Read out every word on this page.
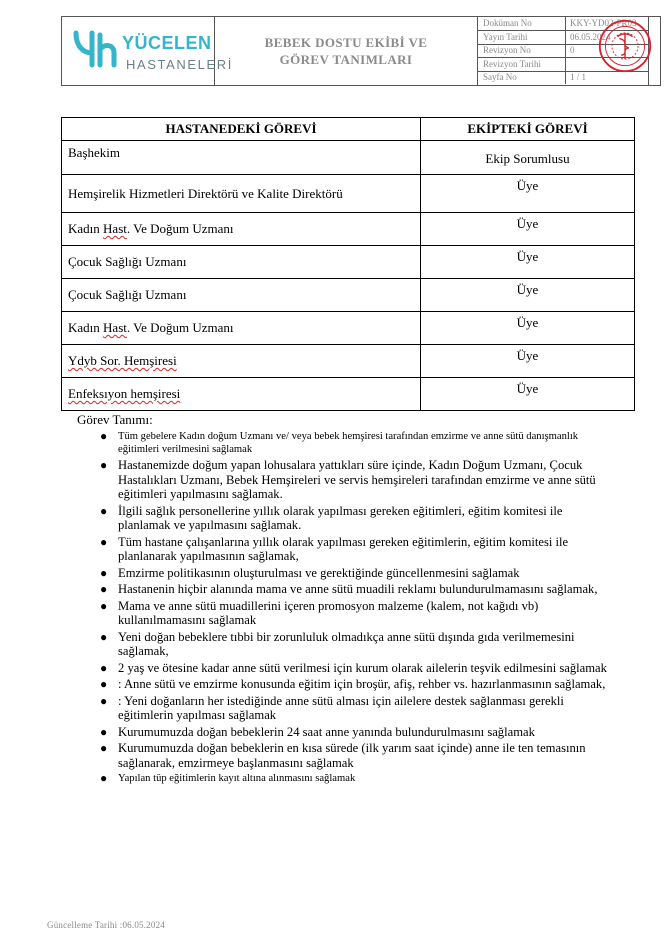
YÜCELEN
HASTANELERİ
BEBEK DOSTU EKİBİ VE
GÖREV TANIMLARI
Doküman No	KKY-YD02-PR03
Yayın Tarihi	06.05.2024
Revizyon No	0
Revizyon Tarihi
Sayfa No	1 / 1
HASTANEDEKİ GÖREVİ	EKİPTEKİ GÖREVİ
Başhekim	Ekip Sorumlusu
Hemşirelik Hizmetleri Direktörü ve Kalite Direktörü	Üye
Kadın Hast. Ve Doğum Uzmanı	Üye
Çocuk Sağlığı Uzmanı	Üye
Çocuk Sağlığı Uzmanı	Üye
Kadın Hast. Ve Doğum Uzmanı	Üye
Ydyb Sor. Hemşiresi	Üye
Enfeksıyon hemşiresi	Üye
Görev Tanımı:
● Tüm gebelere Kadın doğum Uzmanı ve/ veya bebek hemşiresi tarafından emzirme ve anne sütü danışmanlık eğitimleri verilmesini sağlamak
● Hastanemizde doğum yapan lohusalara yattıkları süre içinde, Kadın Doğum Uzmanı, Çocuk Hastalıkları Uzmanı, Bebek Hemşireleri ve servis hemşireleri tarafından emzirme ve anne sütü eğitimleri yapılmasını sağlamak.
● İlgili sağlık personellerine yıllık olarak yapılması gereken eğitimleri, eğitim komitesi ile planlamak ve yapılmasını sağlamak.
● Tüm hastane çalışanlarına yıllık olarak yapılması gereken eğitimlerin, eğitim komitesi ile planlanarak yapılmasının sağlamak,
● Emzirme politikasının oluşturulması ve gerektiğinde güncellenmesini sağlamak
● Hastanenin hiçbir alanında mama ve anne sütü muadili reklamı bulundurulmamasını sağlamak,
● Mama ve anne sütü muadillerini içeren promosyon malzeme (kalem, not kağıdı vb) kullanılmamasını sağlamak
● Yeni doğan bebeklere tıbbi bir zorunluluk olmadıkça anne sütü dışında gıda verilmemesini sağlamak,
● 2 yaş ve ötesine kadar anne sütü verilmesi için kurum olarak ailelerin teşvik edilmesini sağlamak
● : Anne sütü ve emzirme konusunda eğitim için broşür, afiş, rehber vs. hazırlanmasının sağlamak,
● : Yeni doğanların her istediğinde anne sütü alması için ailelere destek sağlanması gerekli eğitimlerin yapılması sağlamak
● Kurumumuzda doğan bebeklerin 24 saat anne yanında bulundurulmasını sağlamak
● Kurumumuzda doğan bebeklerin en kısa sürede (ilk yarım saat içinde) anne ile ten temasının sağlanarak, emzirmeye başlanmasını sağlamak
● Yapılan tüp eğitimlerin kayıt altına alınmasını sağlamak
Güncelleme Tarihi :06.05.2024
